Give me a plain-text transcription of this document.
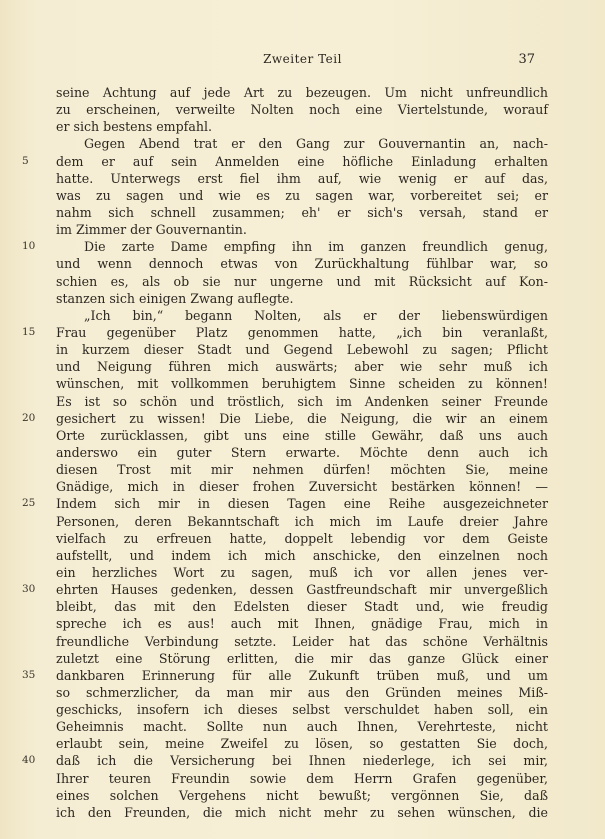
Zweiter Teil	37
seine Achtung auf jede Art zu bezeugen. Um nicht unfreundlich
zu erscheinen, verweilte Nolten noch eine Viertelstunde, worauf
er sich bestens empfahl.
Gegen Abend trat er den Gang zur Gouvernantin an, nach-
5	dem er auf sein Anmelden eine höfliche Einladung erhalten
hatte. Unterwegs erst fiel ihm auf, wie wenig er auf das,
was zu sagen und wie es zu sagen war, vorbereitet sei; er
nahm sich schnell zusammen; eh' er sich's versah, stand er
im Zimmer der Gouvernantin.
10	Die zarte Dame empfing ihn im ganzen freundlich genug,
und wenn dennoch etwas von Zurückhaltung fühlbar war, so
schien es, als ob sie nur ungerne und mit Rücksicht auf Kon-
stanzen sich einigen Zwang auflegte.
„Ich bin,“ begann Nolten, als er der liebenswürdigen
15 Frau gegenüber Platz genommen hatte, „ich bin veranlaßt,
in kurzem dieser Stadt und Gegend Lebewohl zu sagen; Pflicht
und Neigung führen mich auswärts; aber wie sehr muß ich
wünschen, mit vollkommen beruhigtem Sinne scheiden zu können!
Es ist so schön und tröstlich, sich im Andenken seiner Freunde
20 gesichert zu wissen! Die Liebe, die Neigung, die wir an einem
Orte zurücklassen, gibt uns eine stille Gewähr, daß uns auch
anderswo ein guter Stern erwarte. Möchte denn auch ich
diesen Trost mit mir nehmen dürfen! möchten Sie, meine
Gnädige, mich in dieser frohen Zuversicht bestärken können! —
25 Indem sich mir in diesen Tagen eine Reihe ausgezeichneter
Personen, deren Bekanntschaft ich mich im Laufe dreier Jahre
vielfach zu erfreuen hatte, doppelt lebendig vor dem Geiste
aufstellt, und indem ich mich anschicke, den einzelnen noch
ein herzliches Wort zu sagen, muß ich vor allen jenes ver-
30 ehrten Hauses gedenken, dessen Gastfreundschaft mir unvergeßlich
bleibt, das mit den Edelsten dieser Stadt und, wie freudig
spreche ich es aus! auch mit Ihnen, gnädige Frau, mich in
freundliche Verbindung setzte. Leider hat das schöne Verhältnis
zuletzt eine Störung erlitten, die mir das ganze Glück einer
35 dankbaren Erinnerung für alle Zukunft trüben muß, und um
so schmerzlicher, da man mir aus den Gründen meines Miß-
geschicks, insofern ich dieses selbst verschuldet haben soll, ein
Geheimnis macht. Sollte nun auch Ihnen, Verehrteste, nicht
erlaubt sein, meine Zweifel zu lösen, so gestatten Sie doch,
40 daß ich die Versicherung bei Ihnen niederlege, ich sei mir,
Ihrer teuren Freundin sowie dem Herrn Grafen gegenüber,
eines solchen Vergehens nicht bewußt; vergönnen Sie, daß
ich den Freunden, die mich nicht mehr zu sehen wünschen, die
